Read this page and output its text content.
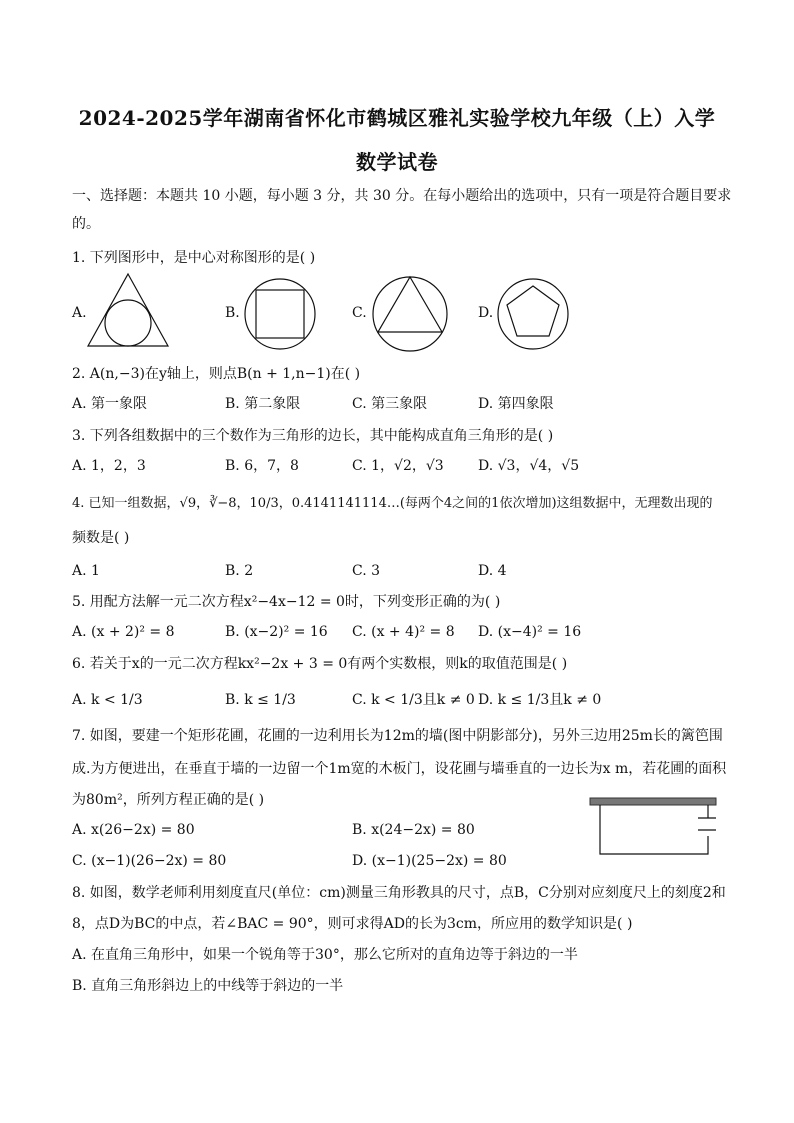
2024-2025学年湖南省怀化市鹤城区雅礼实验学校九年级（上）入学
数学试卷
一、选择题：本题共 10 小题，每小题 3 分，共 30 分。在每小题给出的选项中，只有一项是符合题目要求
的。
1. 下列图形中，是中心对称图形的是( )
A.	B.	C.	D.
2. A(n,−3)在y轴上，则点B(n + 1,n−1)在( )
A. 第一象限	B. 第二象限	C. 第三象限	D. 第四象限
3. 下列各组数据中的三个数作为三角形的边长，其中能构成直角三角形的是( )
A. 1，2，3	B. 6，7，8	C. 1，√2，√3 D. √3，√4，√5
4. 已知一组数据，√9，∛−8，10/3，0.4141141114…(每两个4之间的1依次增加)这组数据中，无理数出现的
频数是( )
A. 1	B. 2	C. 3	D. 4
5. 用配方法解一元二次方程x²−4x−12 = 0时，下列变形正确的为( )
A. (x + 2)² = 8	B. (x−2)² = 16 C. (x + 4)² = 8 D. (x−4)² = 16
6. 若关于x的一元二次方程kx²−2x + 3 = 0有两个实数根，则k的取值范围是( )
A. k < 1/3	B. k ≤ 1/3	C. k < 1/3且k ≠ 0 D. k ≤ 1/3且k ≠ 0
7. 如图，要建一个矩形花圃，花圃的一边利用长为12m的墙(图中阴影部分)，另外三边用25m长的篱笆围
成.为方便进出，在垂直于墙的一边留一个1m宽的木板门，设花圃与墙垂直的一边长为x m，若花圃的面积
为80m²，所列方程正确的是( )
A. x(26−2x) = 80	B. x(24−2x) = 80
C. (x−1)(26−2x) = 80	D. (x−1)(25−2x) = 80
8. 如图，数学老师利用刻度直尺(单位：cm)测量三角形教具的尺寸，点B，C分别对应刻度尺上的刻度2和
8，点D为BC的中点，若∠BAC = 90°，则可求得AD的长为3cm，所应用的数学知识是( )
A. 在直角三角形中，如果一个锐角等于30°，那么它所对的直角边等于斜边的一半
B. 直角三角形斜边上的中线等于斜边的一半
